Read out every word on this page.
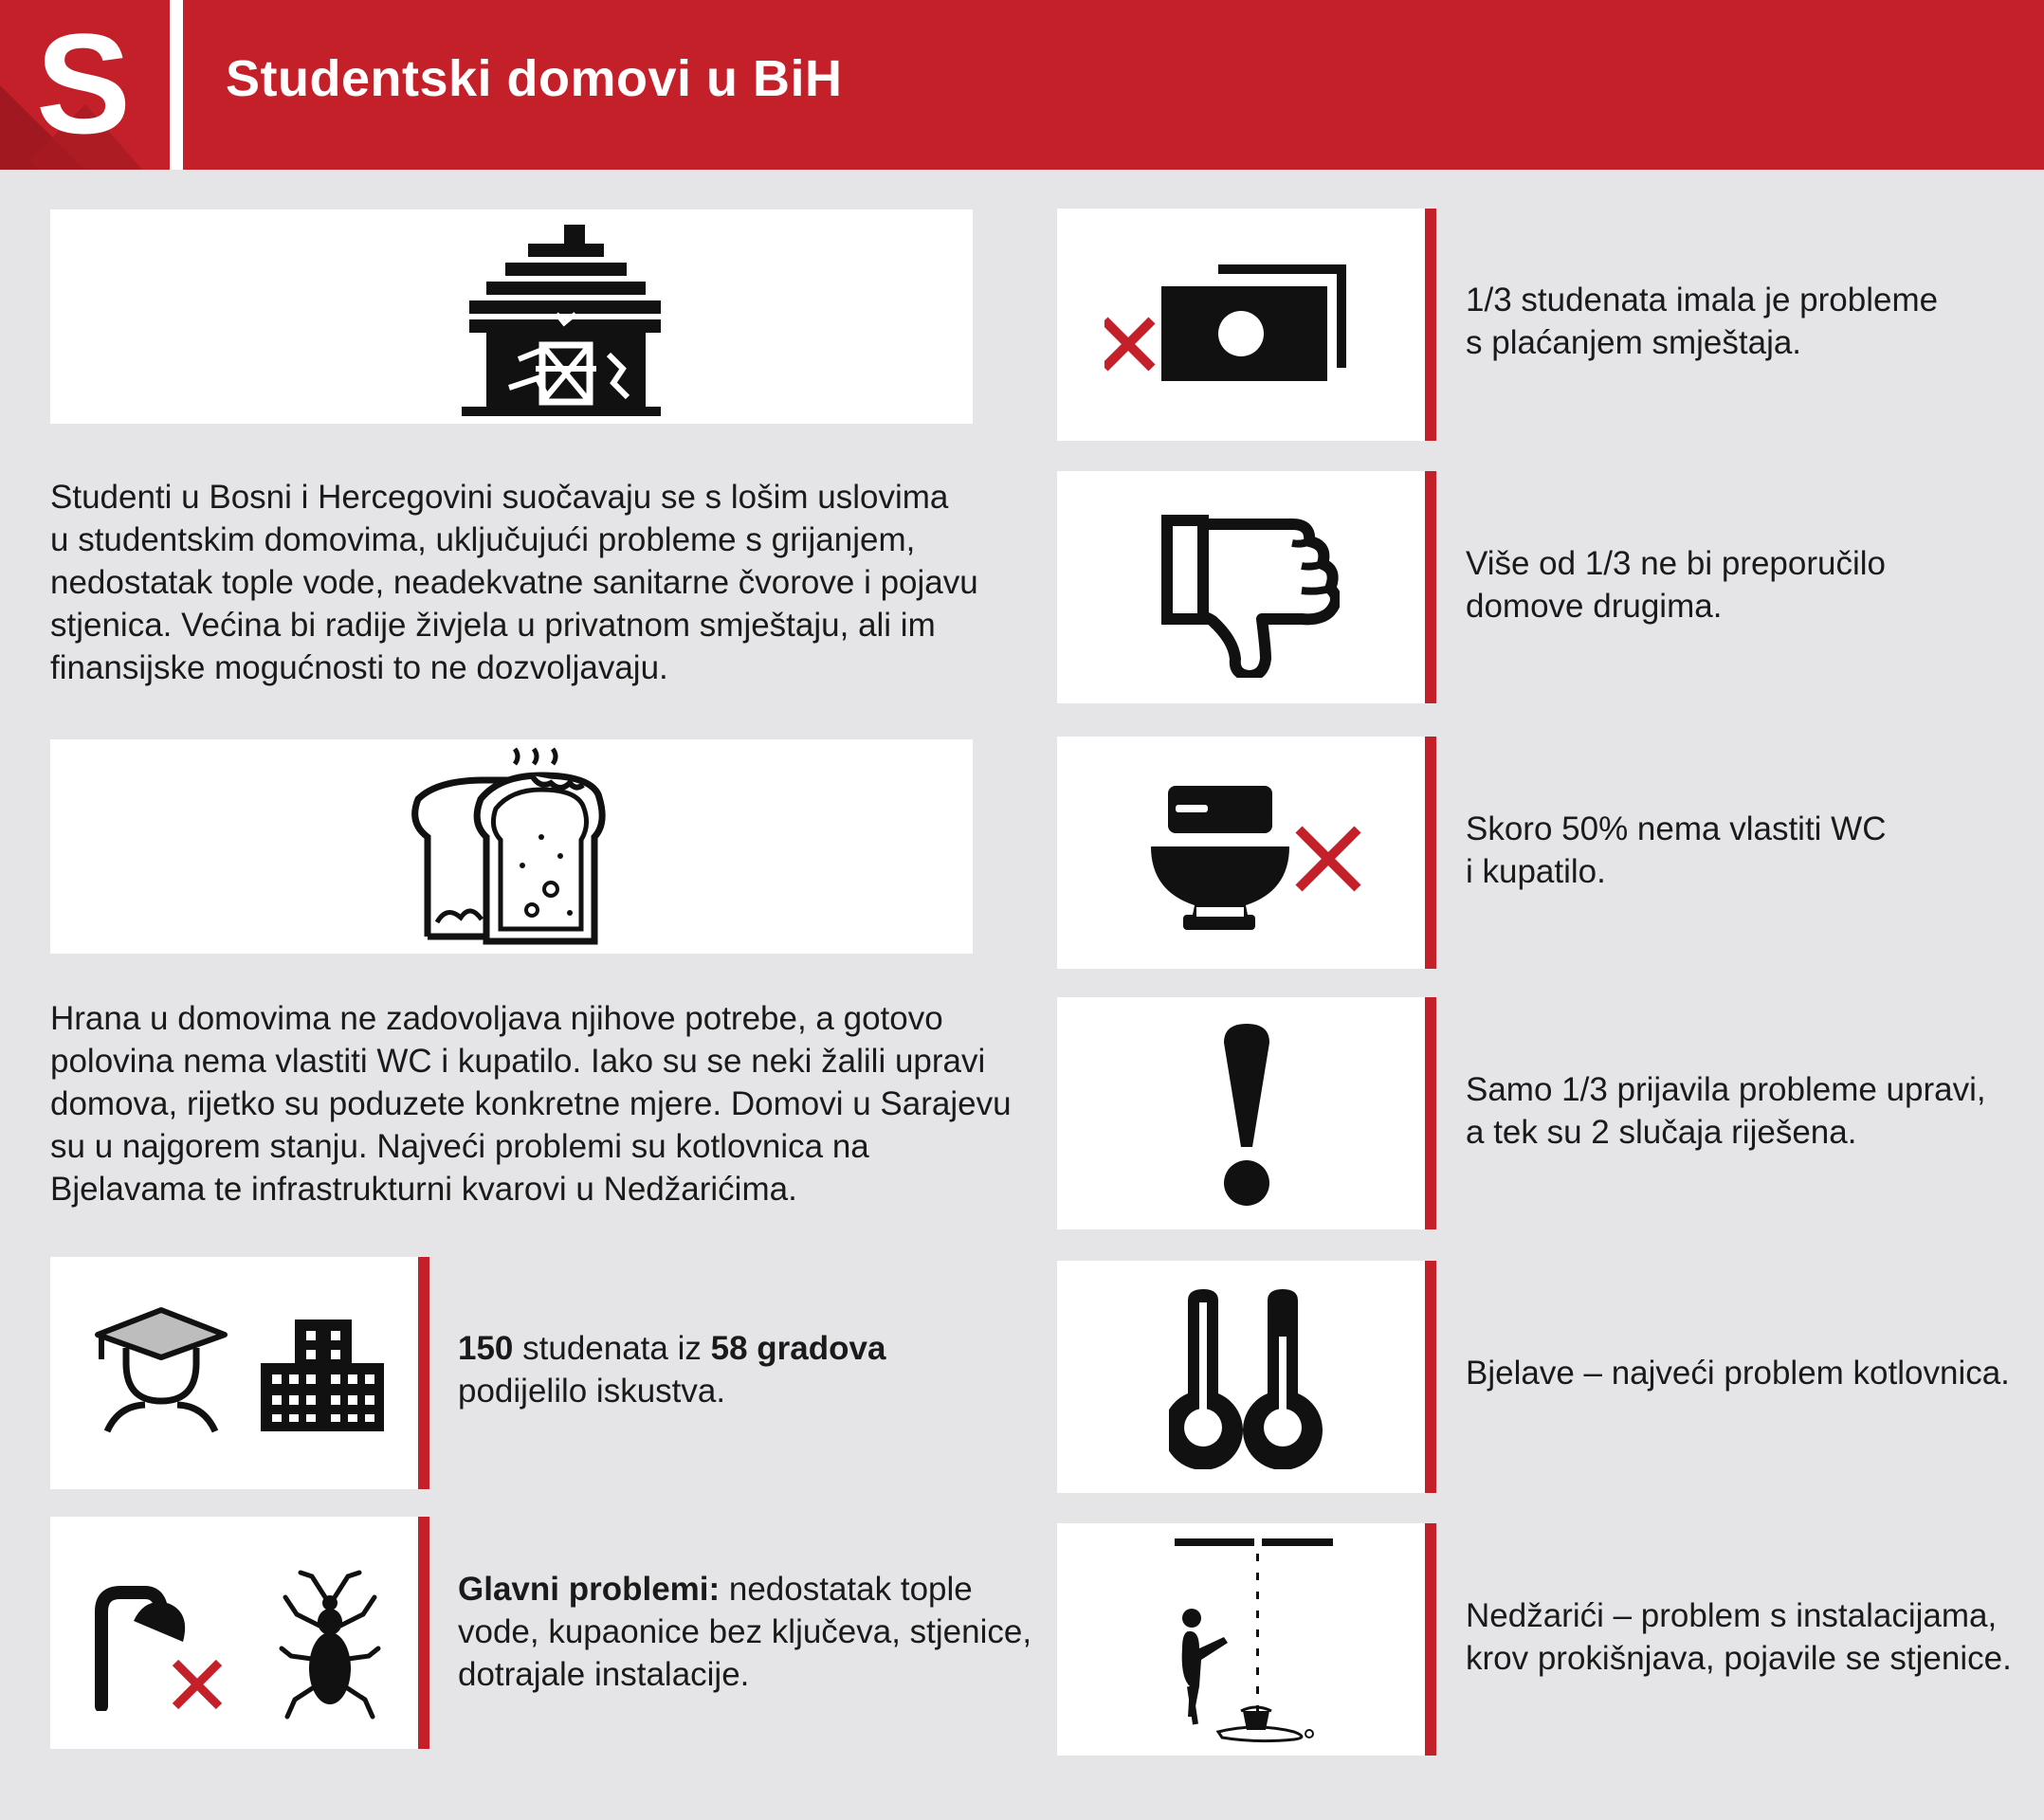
S Studentski domovi u BiH
Studenti u Bosni i Hercegovini suočavaju se s lošim uslovima
u studentskim domovima, uključujući probleme s grijanjem,
nedostatak tople vode, neadekvatne sanitarne čvorove i pojavu
stjenica. Većina bi radije živjela u privatnom smještaju, ali im
finansijske mogućnosti to ne dozvoljavaju.
Hrana u domovima ne zadovoljava njihove potrebe, a gotovo
polovina nema vlastiti WC i kupatilo. Iako su se neki žalili upravi
domova, rijetko su poduzete konkretne mjere. Domovi u Sarajevu
su u najgorem stanju. Najveći problemi su kotlovnica na
Bjelavama te infrastrukturni kvarovi u Nedžarićima.
150 studenata iz 58 gradova
podijelilo iskustva.
Glavni problemi: nedostatak tople
vode, kupaonice bez ključeva, stjenice,
dotrajale instalacije.
1/3 studenata imala je probleme
s plaćanjem smještaja.
Više od 1/3 ne bi preporučilo
domove drugima.
Skoro 50% nema vlastiti WC
i kupatilo.
Samo 1/3 prijavila probleme upravi,
a tek su 2 slučaja riješena.
Bjelave – najveći problem kotlovnica.
Nedžarići – problem s instalacijama,
krov prokišnjava, pojavile se stjenice.
